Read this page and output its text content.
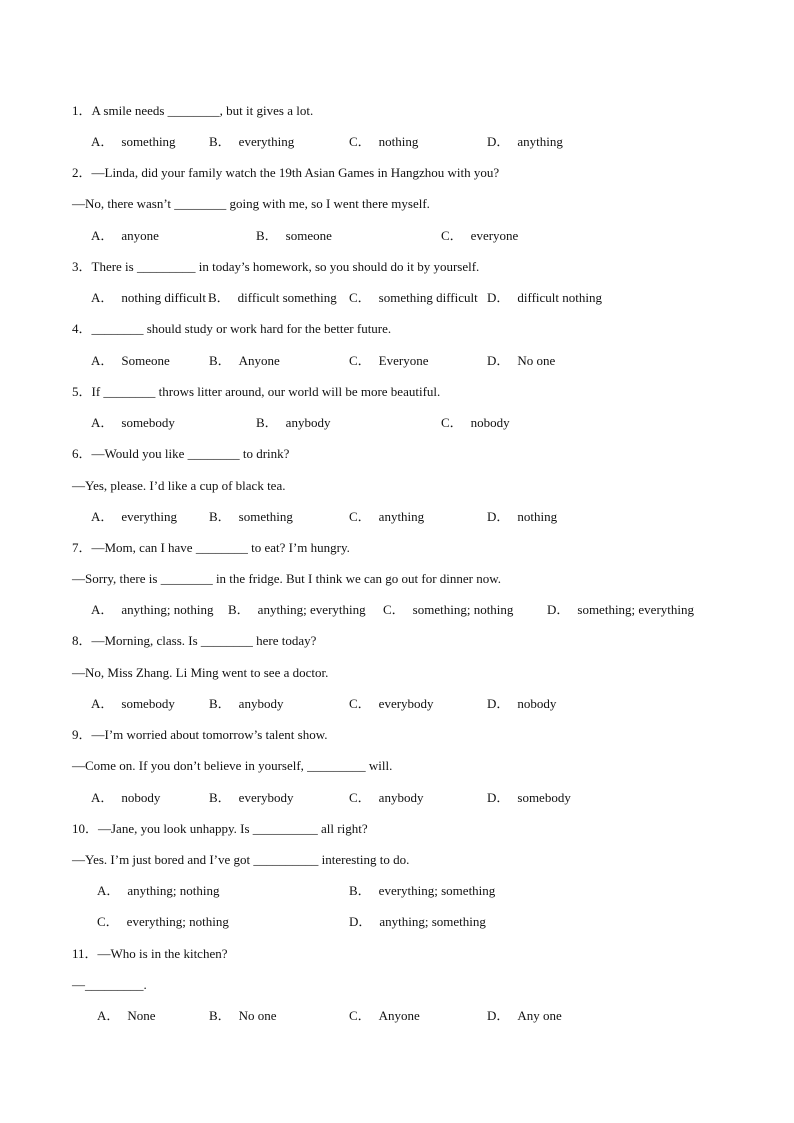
1．A smile needs ________, but it gives a lot.
A． something	B． everything	C． nothing	D． anything
2．—Linda, did your family watch the 19th Asian Games in Hangzhou with you?
—No, there wasn’t ________ going with me, so I went there myself.
A． anyone	B． someone	C． everyone
3．There is _________ in today’s homework, so you should do it by yourself.
A． nothing difficult B． difficult something C． something difficult D． difficult nothing
4．________ should study or work hard for the better future.
A． Someone	B． Anyone	C． Everyone	D． No one
5．If ________ throws litter around, our world will be more beautiful.
A． somebody	B． anybody	C． nobody
6．—Would you like ________ to drink?
—Yes, please. I’d like a cup of black tea.
A． everything B． something	C． anything	D． nothing
7．—Mom, can I have ________ to eat? I’m hungry.
—Sorry, there is ________ in the fridge. But I think we can go out for dinner now.
A． anything; nothing B． anything; everything C． something; nothing	D． something; everything
8．—Morning, class. Is ________ here today?
—No, Miss Zhang. Li Ming went to see a doctor.
A． somebody	B． anybody	C． everybody	D． nobody
9．—I’m worried about tomorrow’s talent show.
—Come on. If you don’t believe in yourself, _________ will.
A． nobody	B． everybody	C． anybody	D． somebody
10．—Jane, you look unhappy. Is __________ all right?
—Yes. I’m just bored and I’ve got __________ interesting to do.
A． anything; nothing	B． everything; something
C． everything; nothing	D． anything; something
11．—Who is in the kitchen?
—_________.
A． None	B． No one	C． Anyone	D． Any one
